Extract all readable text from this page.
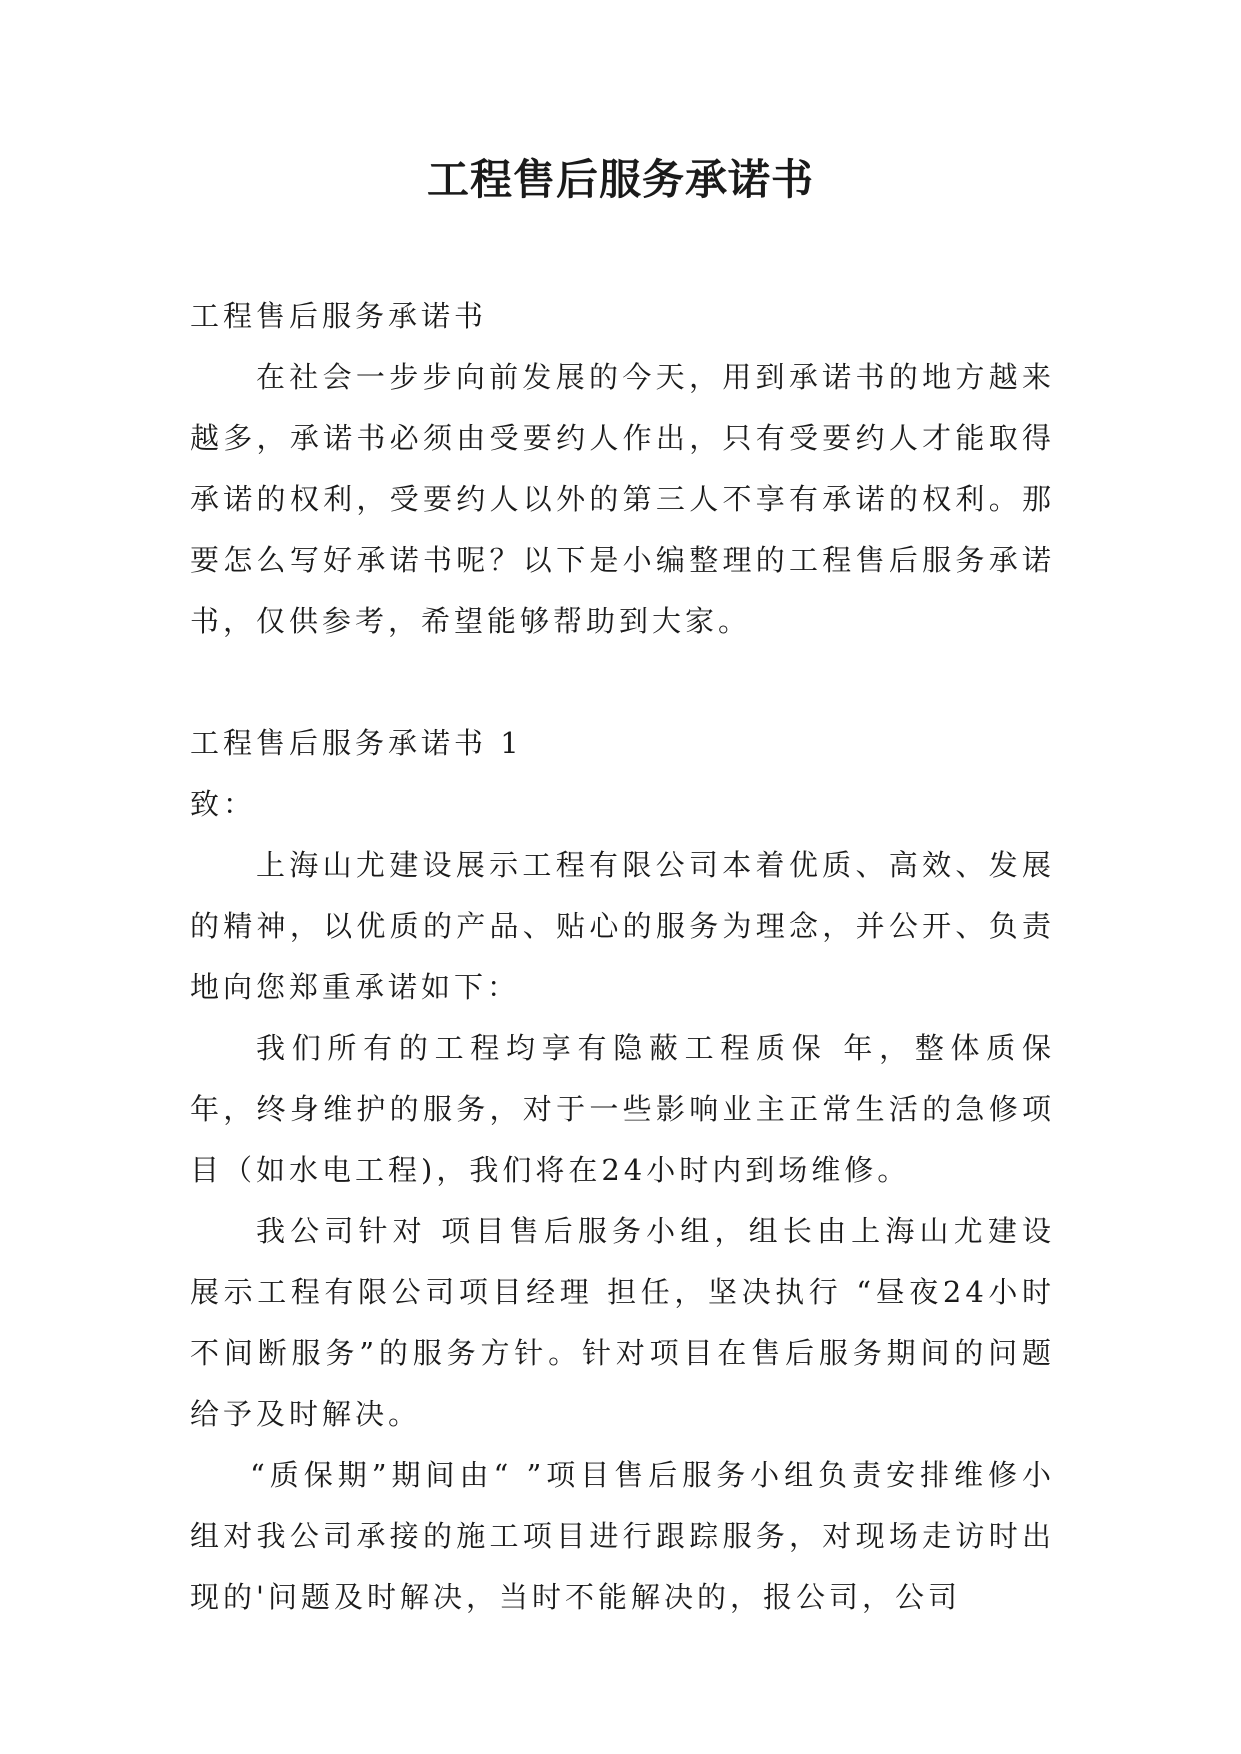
工程售后服务承诺书

工程售后服务承诺书

在社会一步步向前发展的今天，用到承诺书的地方越来越多，承诺书必须由受要约人作出，只有受要约人才能取得承诺的权利，受要约人以外的第三人不享有承诺的权利。那要怎么写好承诺书呢？以下是小编整理的工程售后服务承诺书，仅供参考，希望能够帮助到大家。

工程售后服务承诺书 1

致：

上海山尤建设展示工程有限公司本着优质、高效、发展的精神，以优质的产品、贴心的服务为理念，并公开、负责地向您郑重承诺如下：

我们所有的工程均享有隐蔽工程质保 年，整体质保年，终身维护的服务，对于一些影响业主正常生活的急修项目（如水电工程)，我们将在24小时内到场维修。

我公司针对 项目售后服务小组，组长由上海山尤建设展示工程有限公司项目经理 担任，坚决执行 “昼夜24小时不间断服务”的服务方针。针对项目在售后服务期间的问题给予及时解决。

“质保期”期间由“ ”项目售后服务小组负责安排维修小组对我公司承接的施工项目进行跟踪服务，对现场走访时出现的'问题及时解决，当时不能解决的，报公司，公司
